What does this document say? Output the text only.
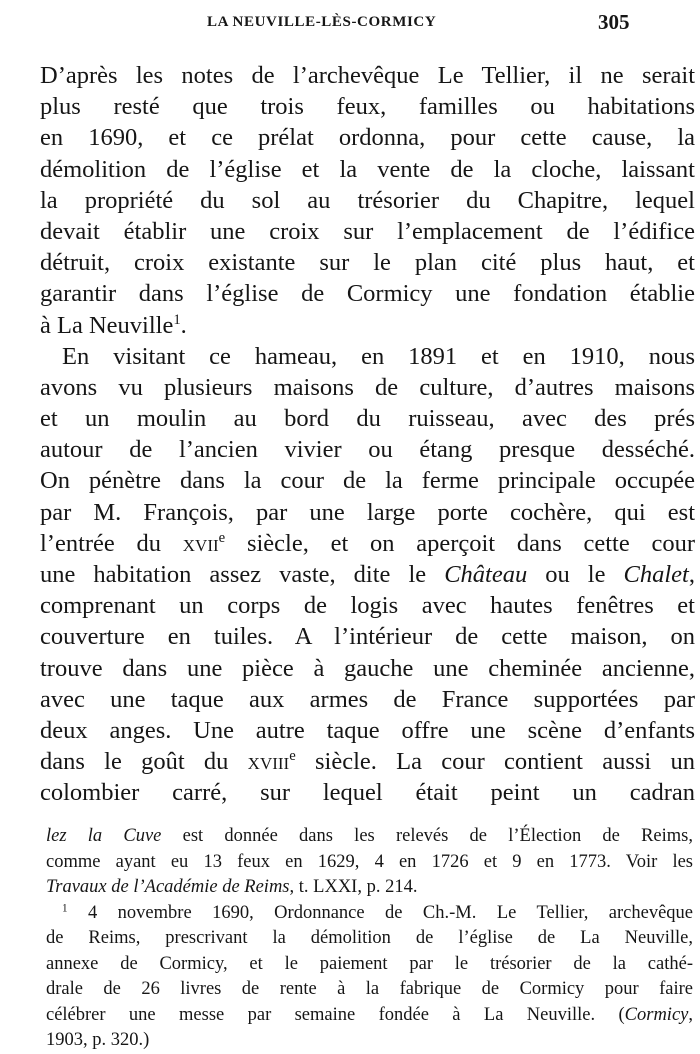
LA NEUVILLE-LÈS-CORMICY	305
D’après les notes de l’archevêque Le Tellier, il ne serait
plus resté que trois feux, familles ou habitations
en 1690, et ce prélat ordonna, pour cette cause, la
démolition de l’église et la vente de la cloche, laissant
la propriété du sol au trésorier du Chapitre, lequel
devait établir une croix sur l’emplacement de l’édifice
détruit, croix existante sur le plan cité plus haut, et
garantir dans l’église de Cormicy une fondation établie
à La Neuville$^1$.
En visitant ce hameau, en 1891 et en 1910, nous
avons vu plusieurs maisons de culture, d’autres maisons
et un moulin au bord du ruisseau, avec des prés
autour de l’ancien vivier ou étang presque desséché.
On pénètre dans la cour de la ferme principale occupée
par M. François, par une large porte cochère, qui est
l’entrée du xvii$^e$ siècle, et on aperçoit dans cette cour
une habitation assez vaste, dite le Château ou le Chalet,
comprenant un corps de logis avec hautes fenêtres et
couverture en tuiles. A l’intérieur de cette maison, on
trouve dans une pièce à gauche une cheminée ancienne,
avec une taque aux armes de France supportées par
deux anges. Une autre taque offre une scène d’enfants
dans le goût du xviii$^e$ siècle. La cour contient aussi un
colombier carré, sur lequel était peint un cadran
lez la Cuve est donnée dans les relevés de l’Élection de Reims,
comme ayant eu 13 feux en 1629, 4 en 1726 et 9 en 1773. Voir les
Travaux de l’Académie de Reims, t. LXXI, p. 214.
$^1$ 4 novembre 1690, Ordonnance de Ch.-M. Le Tellier, archevêque
de Reims, prescrivant la démolition de l’église de La Neuville,
annexe de Cormicy, et le paiement par le trésorier de la cathé-
drale de 26 livres de rente à la fabrique de Cormicy pour faire
célébrer une messe par semaine fondée à La Neuville. (Cormicy,
1903, p. 320.)
